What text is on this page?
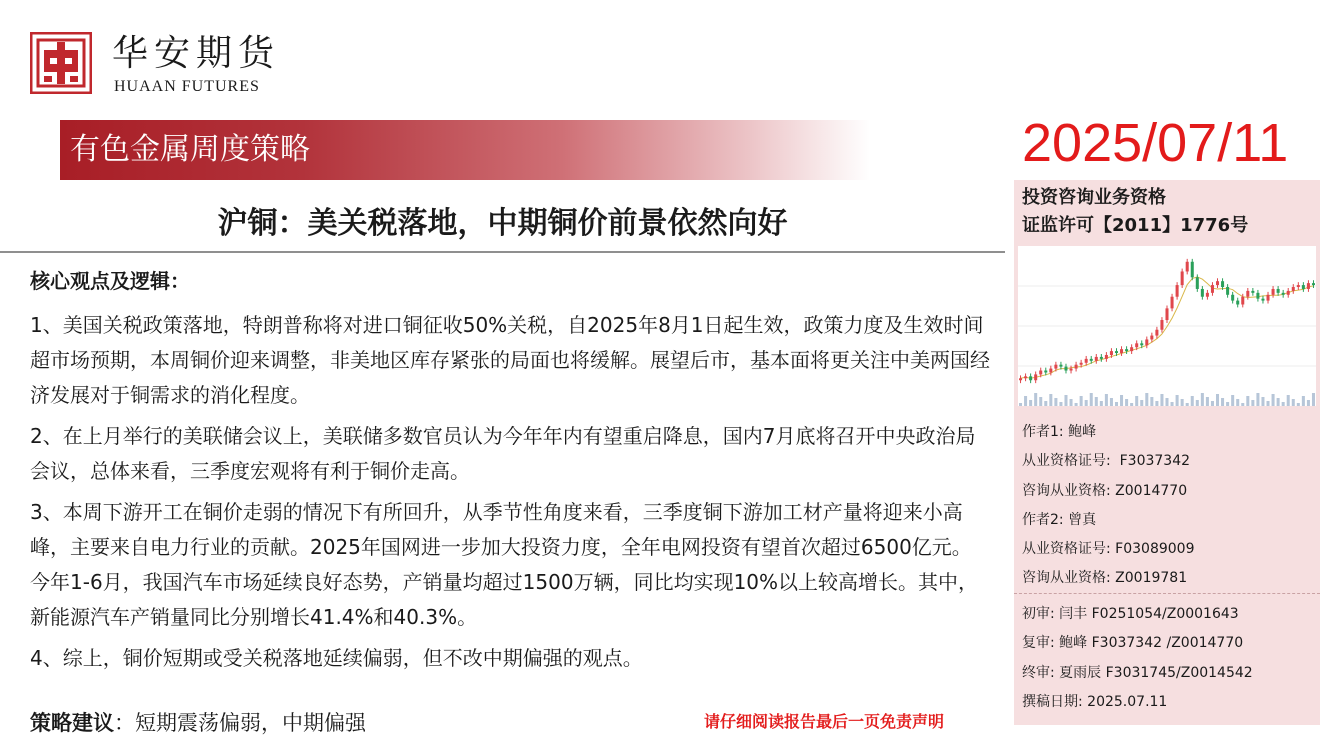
华安期货
HUAAN FUTURES
有色金属周度策略	2025/07/11
沪铜：美关税落地，中期铜价前景依然向好
核心观点及逻辑：
1、美国关税政策落地，特朗普称将对进口铜征收50%关税，自2025年8月1日起生效，政策力度及生效时间超市场预期，本周铜价迎来调整，非美地区库存紧张的局面也将缓解。展望后市，基本面将更关注中美两国经济发展对于铜需求的消化程度。
2、在上月举行的美联储会议上，美联储多数官员认为今年年内有望重启降息，国内7月底将召开中央政治局会议，总体来看，三季度宏观将有利于铜价走高。
3、本周下游开工在铜价走弱的情况下有所回升，从季节性角度来看，三季度铜下游加工材产量将迎来小高峰，主要来自电力行业的贡献。2025年国网进一步加大投资力度，全年电网投资有望首次超过6500亿元。今年1-6月，我国汽车市场延续良好态势，产销量均超过1500万辆，同比均实现10%以上较高增长。其中，新能源汽车产销量同比分别增长41.4%和40.3%。
4、综上，铜价短期或受关税落地延续偏弱，但不改中期偏强的观点。
策略建议：短期震荡偏弱，中期偏强	请仔细阅读报告最后一页免责声明
投资咨询业务资格
证监许可【2011】1776号
作者1: 鲍峰
从业资格证号: F3037342
咨询从业资格: Z0014770
作者2: 曾真
从业资格证号: F03089009
咨询从业资格: Z0019781
初审: 闫丰 F0251054/Z0001643
复审: 鲍峰 F3037342 /Z0014770
终审: 夏雨辰 F3031745/Z0014542
撰稿日期: 2025.07.11
